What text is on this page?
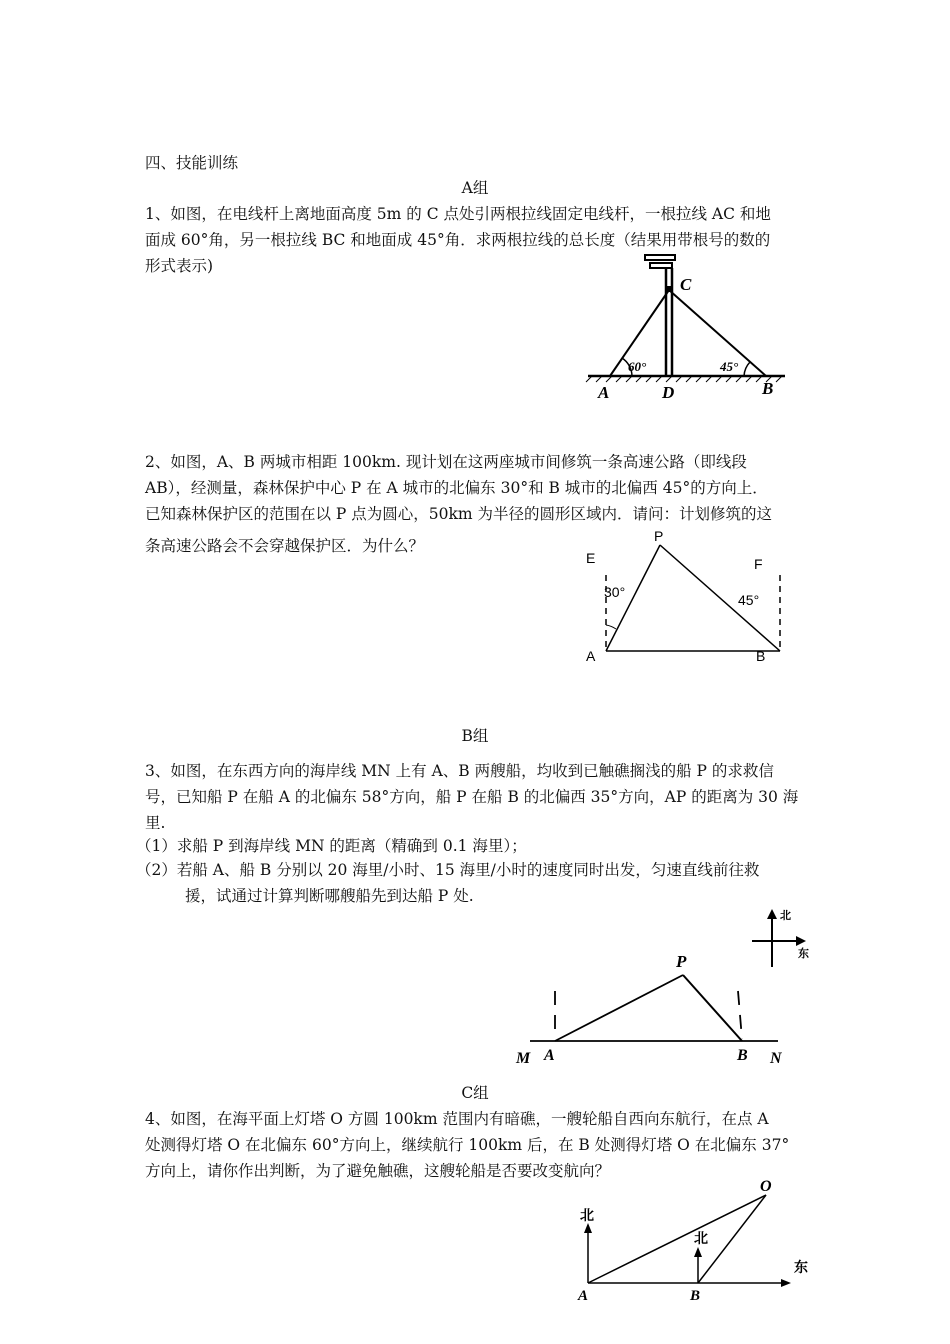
四、技能训练
A组
1、如图，在电线杆上离地面高度 5m 的 C 点处引两根拉线固定电线杆，一根拉线 AC 和地
面成 60°角，另一根拉线 BC 和地面成 45°角．求两根拉线的总长度（结果用带根号的数的
形式表示)
C
A	D	B
60°	45°
2、如图，A、B 两城市相距 100km. 现计划在这两座城市间修筑一条高速公路（即线段
AB），经测量，森林保护中心 P 在 A 城市的北偏东 30°和 B 城市的北偏西 45°的方向上．
已知森林保护区的范围在以 P 点为圆心，50km 为半径的圆形区域内．请问：计划修筑的这
条高速公路会不会穿越保护区．为什么？
P
E	F
A	B
30°	45°
B组
3、如图，在东西方向的海岸线 MN 上有 A、B 两艘船，均收到已触礁搁浅的船 P 的求救信
号，已知船 P 在船 A 的北偏东 58°方向，船 P 在船 B 的北偏西 35°方向，AP 的距离为 30 海
里.
（1）求船 P 到海岸线 MN 的距离（精确到 0.1 海里）；
（2）若船 A、船 B 分别以 20 海里/小时、15 海里/小时的速度同时出发，匀速直线前往救
援，试通过计算判断哪艘船先到达船 P 处.
北
东
P
M A	B N
C组
4、如图，在海平面上灯塔 O 方圆 100km 范围内有暗礁，一艘轮船自西向东航行，在点 A
处测得灯塔 O 在北偏东 60°方向上，继续航行 100km 后，在 B 处测得灯塔 O 在北偏东 37°
方向上，请你作出判断，为了避免触礁，这艘轮船是否要改变航向？
北
北
东
O
A	B
